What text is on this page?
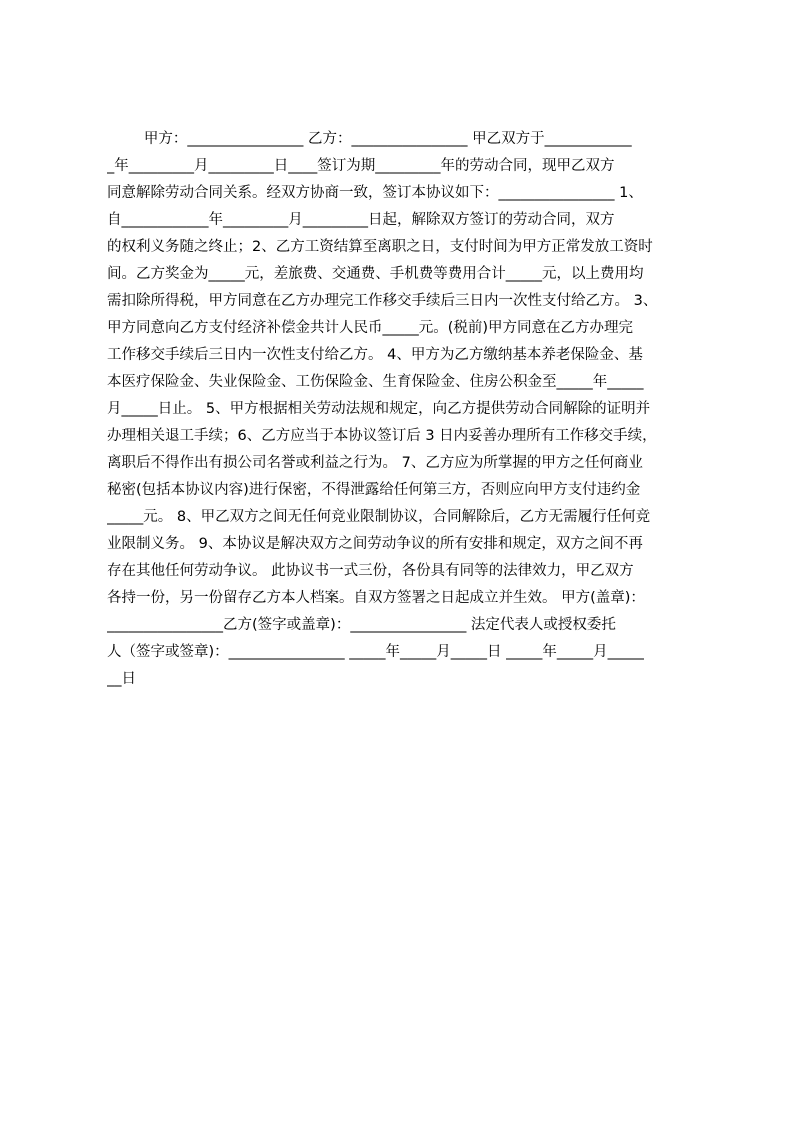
甲方：________________ 乙方：________________ 甲乙双方于____________
_年_________月_________日____签订为期_________年的劳动合同，现甲乙双方
同意解除劳动合同关系。经双方协商一致，签订本协议如下：________________ 1、
自____________年_________月_________日起，解除双方签订的劳动合同，双方
的权利义务随之终止；2、乙方工资结算至离职之日，支付时间为甲方正常发放工资时
间。乙方奖金为_____元，差旅费、交通费、手机费等费用合计_____元，以上费用均
需扣除所得税，甲方同意在乙方办理完工作移交手续后三日内一次性支付给乙方。 3、
甲方同意向乙方支付经济补偿金共计人民币_____元。(税前)甲方同意在乙方办理完
工作移交手续后三日内一次性支付给乙方。 4、甲方为乙方缴纳基本养老保险金、基
本医疗保险金、失业保险金、工伤保险金、生育保险金、住房公积金至_____年_____
月_____日止。 5、甲方根据相关劳动法规和规定，向乙方提供劳动合同解除的证明并
办理相关退工手续；6、乙方应当于本协议签订后 3 日内妥善办理所有工作移交手续，
离职后不得作出有损公司名誉或利益之行为。 7、乙方应为所掌握的甲方之任何商业
秘密(包括本协议内容)进行保密，不得泄露给任何第三方，否则应向甲方支付违约金
_____元。 8、甲乙双方之间无任何竞业限制协议，合同解除后，乙方无需履行任何竞
业限制义务。 9、本协议是解决双方之间劳动争议的所有安排和规定，双方之间不再
存在其他任何劳动争议。 此协议书一式三份，各份具有同等的法律效力，甲乙双方
各持一份，另一份留存乙方本人档案。自双方签署之日起成立并生效。 甲方(盖章)：
________________乙方(签字或盖章)：________________ 法定代表人或授权委托
人（签字或签章)：________________ _____年_____月_____日 _____年_____月_____
__日
